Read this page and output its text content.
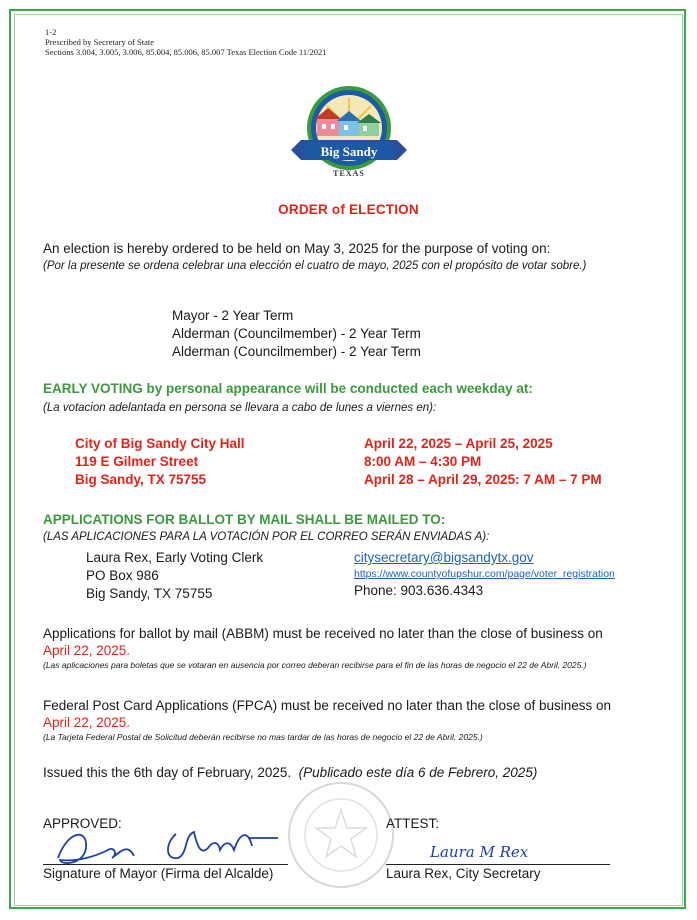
1-2
Prescribed by Secretary of State
Sections 3.004, 3.005, 3.006, 85.004, 85.006, 85.007 Texas Election Code 11/2021
Big Sandy
TEXAS
ORDER of ELECTION
An election is hereby ordered to be held on May 3, 2025 for the purpose of voting on:
(Por la presente se ordena celebrar una elección el cuatro de mayo, 2025 con el propósito de votar sobre.)
Mayor - 2 Year Term
Alderman (Councilmember) - 2 Year Term
Alderman (Councilmember) - 2 Year Term
EARLY VOTING by personal appearance will be conducted each weekday at:
(La votacion adelantada en persona se llevara a cabo de lunes a viernes en):
City of Big Sandy City Hall
119 E Gilmer Street
Big Sandy, TX 75755
April 22, 2025 – April 25, 2025
8:00 AM – 4:30 PM
April 28 – April 29, 2025: 7 AM – 7 PM
APPLICATIONS FOR BALLOT BY MAIL SHALL BE MAILED TO:
(LAS APLICACIONES PARA LA VOTACIÓN POR EL CORREO SERÁN ENVIADAS A):
Laura Rex, Early Voting Clerk
PO Box 986
Big Sandy, TX 75755
citysecretary@bigsandytx.gov
https://www.countyofupshur.com/page/voter_registration
Phone: 903.636.4343
Applications for ballot by mail (ABBM) must be received no later than the close of business on
April 22, 2025.
(Las aplicaciones para boletas que se votaran en ausencia por correo deberan recibirse para el fin de las horas de negocio el 22 de Abril, 2025.)
Federal Post Card Applications (FPCA) must be received no later than the close of business on
April 22, 2025.
(La Tarjeta Federal Postal de Solicitud deberán recibirse no mas tardar de las horas de negocio el 22 de Abril, 2025.)
Issued this the 6th day of February, 2025. (Publicado este día 6 de Febrero, 2025)
APPROVED:	ATTEST:
Signature of Mayor (Firma del Alcalde)
Laura M Rex
Laura Rex, City Secretary
